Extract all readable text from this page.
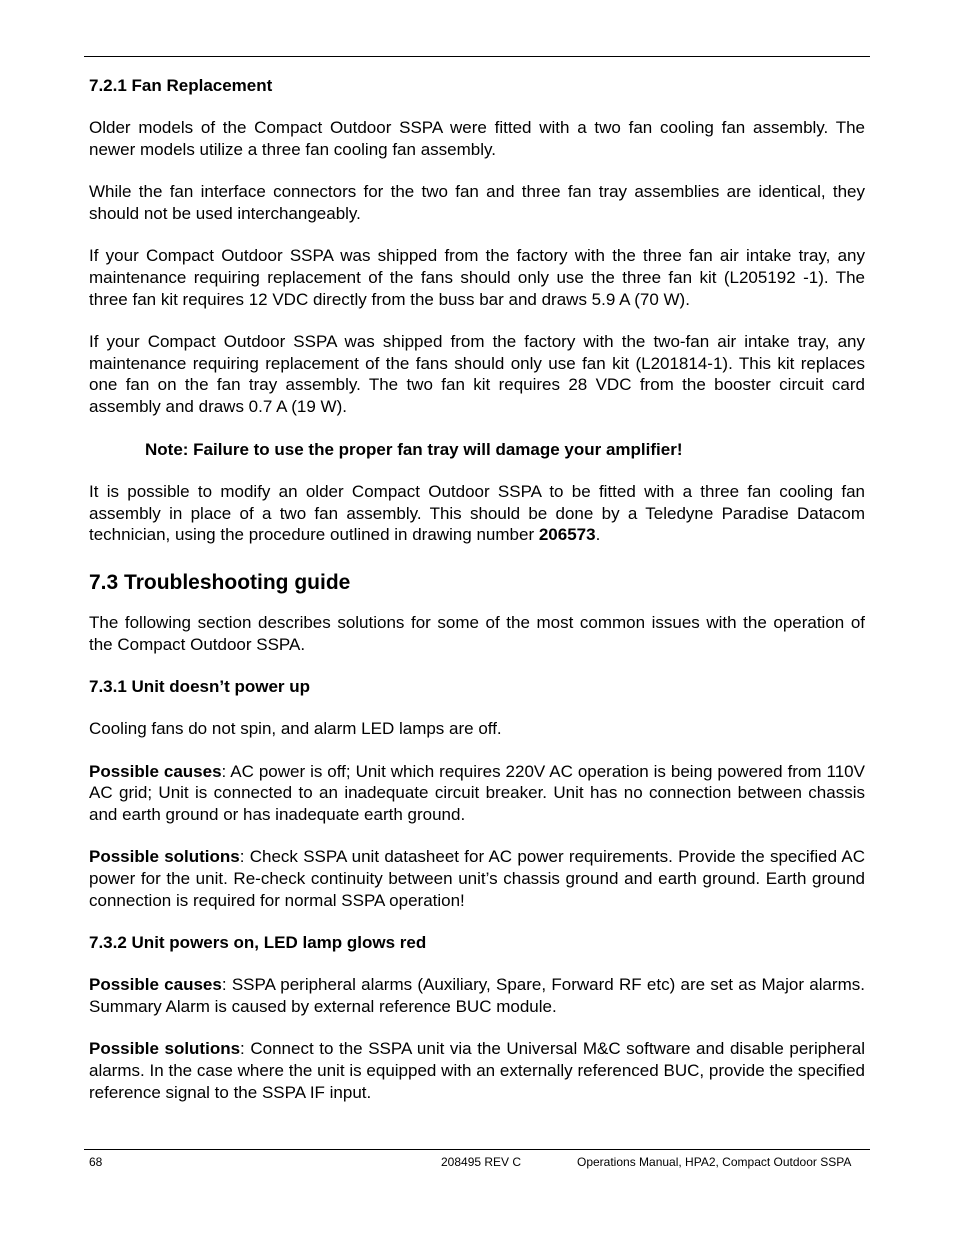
7.2.1 Fan Replacement

Older models of the Compact Outdoor SSPA were fitted with a two fan cooling fan assembly. The newer models utilize a three fan cooling fan assembly.

While the fan interface connectors for the two fan and three fan tray assemblies are identical, they should not be used interchangeably.

If your Compact Outdoor SSPA was shipped from the factory with the three fan air intake tray, any maintenance requiring replacement of the fans should only use the three fan kit (L205192 -1). The three fan kit requires 12 VDC directly from the buss bar and draws 5.9 A (70 W).

If your Compact Outdoor SSPA was shipped from the factory with the two-fan air intake tray, any maintenance requiring replacement of the fans should only use fan kit (L201814-1). This kit replaces one fan on the fan tray assembly. The two fan kit requires 28 VDC from the booster circuit card assembly and draws 0.7 A (19 W).

Note: Failure to use the proper fan tray will damage your amplifier!

It is possible to modify an older Compact Outdoor SSPA to be fitted with a three fan cooling fan assembly in place of a two fan assembly. This should be done by a Teledyne Paradise Datacom technician, using the procedure outlined in drawing number 206573.

7.3 Troubleshooting guide

The following section describes solutions for some of the most common issues with the operation of the Compact Outdoor SSPA.

7.3.1 Unit doesn’t power up

Cooling fans do not spin, and alarm LED lamps are off.

Possible causes: AC power is off; Unit which requires 220V AC operation is being powered from 110V AC grid; Unit is connected to an inadequate circuit breaker. Unit has no connection between chassis and earth ground or has inadequate earth ground.

Possible solutions: Check SSPA unit datasheet for AC power requirements. Provide the specified AC power for the unit. Re-check continuity between unit’s chassis ground and earth ground. Earth ground connection is required for normal SSPA operation!

7.3.2 Unit powers on, LED lamp glows red

Possible causes: SSPA peripheral alarms (Auxiliary, Spare, Forward RF etc) are set as Major alarms. Summary Alarm is caused by external reference BUC module.

Possible solutions: Connect to the SSPA unit via the Universal M&C software and disable peripheral alarms. In the case where the unit is equipped with an externally referenced BUC, provide the specified reference signal to the SSPA IF input.

68	208495 REV C	Operations Manual, HPA2, Compact Outdoor SSPA
